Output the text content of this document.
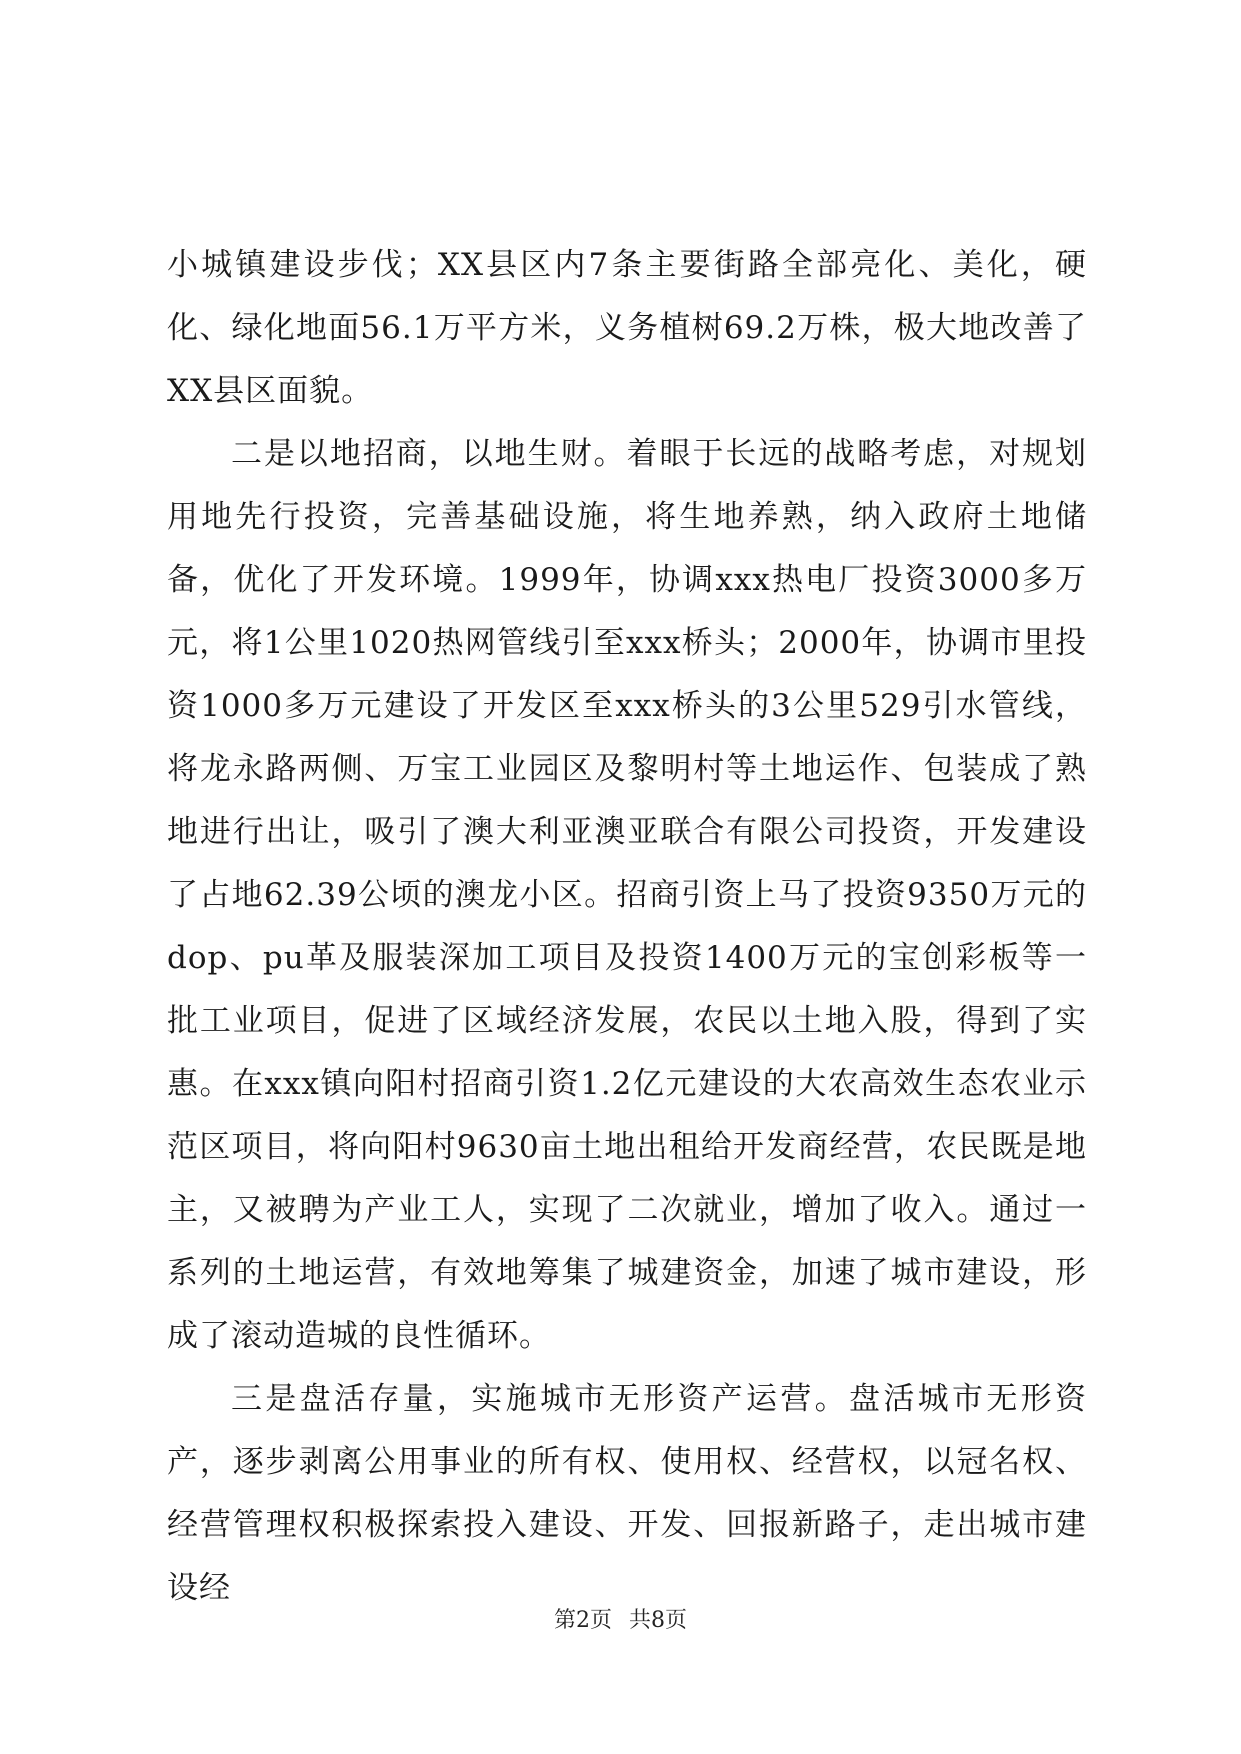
小城镇建设步伐；XX县区内7条主要街路全部亮化、美化，硬化、绿化地面56.1万平方米，义务植树69.2万株，极大地改善了XX县区面貌。

二是以地招商，以地生财。着眼于长远的战略考虑，对规划用地先行投资，完善基础设施，将生地养熟，纳入政府土地储备，优化了开发环境。1999年，协调xxx热电厂投资3000多万元，将1公里1020热网管线引至xxx桥头；2000年，协调市里投资1000多万元建设了开发区至xxx桥头的3公里529引水管线，将龙永路两侧、万宝工业园区及黎明村等土地运作、包装成了熟地进行出让，吸引了澳大利亚澳亚联合有限公司投资，开发建设了占地62.39公顷的澳龙小区。招商引资上马了投资9350万元的dop、pu革及服装深加工项目及投资1400万元的宝创彩板等一批工业项目，促进了区域经济发展，农民以土地入股，得到了实惠。在xxx镇向阳村招商引资1.2亿元建设的大农高效生态农业示范区项目，将向阳村9630亩土地出租给开发商经营，农民既是地主，又被聘为产业工人，实现了二次就业，增加了收入。通过一系列的土地运营，有效地筹集了城建资金，加速了城市建设，形成了滚动造城的良性循环。

三是盘活存量，实施城市无形资产运营。盘活城市无形资产，逐步剥离公用事业的所有权、使用权、经营权，以冠名权、经营管理权积极探索投入建设、开发、回报新路子，走出城市建设经

第2页 共8页
